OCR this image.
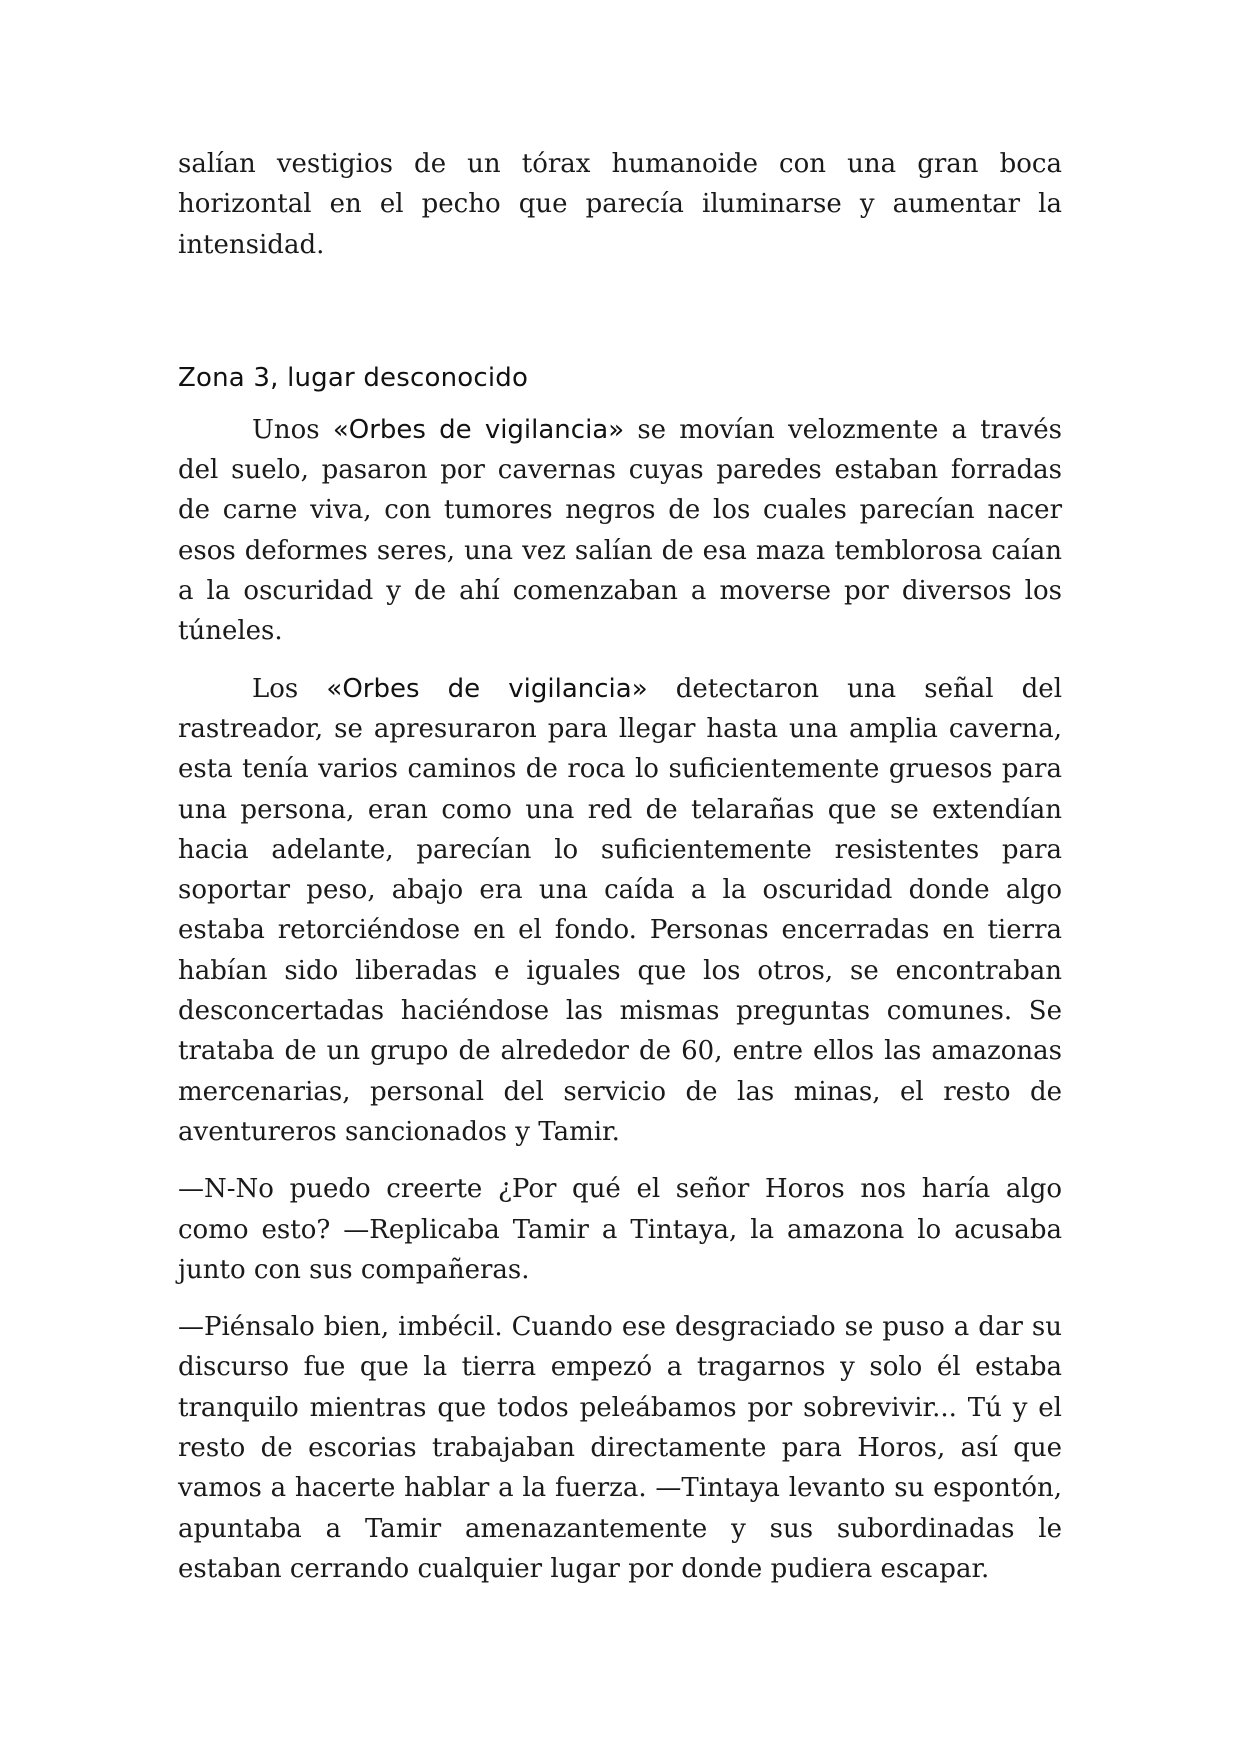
salían vestigios de un tórax humanoide con una gran boca horizontal en el pecho que parecía iluminarse y aumentar la intensidad.

Zona 3, lugar desconocido

Unos «Orbes de vigilancia» se movían velozmente a través del suelo, pasaron por cavernas cuyas paredes estaban forradas de carne viva, con tumores negros de los cuales parecían nacer esos deformes seres, una vez salían de esa maza temblorosa caían a la oscuridad y de ahí comenzaban a moverse por diversos los túneles.

Los «Orbes de vigilancia» detectaron una señal del rastreador, se apresuraron para llegar hasta una amplia caverna, esta tenía varios caminos de roca lo suficientemente gruesos para una persona, eran como una red de telarañas que se extendían hacia adelante, parecían lo suficientemente resistentes para soportar peso, abajo era una caída a la oscuridad donde algo estaba retorciéndose en el fondo. Personas encerradas en tierra habían sido liberadas e iguales que los otros, se encontraban desconcertadas haciéndose las mismas preguntas comunes. Se trataba de un grupo de alrededor de 60, entre ellos las amazonas mercenarias, personal del servicio de las minas, el resto de aventureros sancionados y Tamir.

—N-No puedo creerte ¿Por qué el señor Horos nos haría algo como esto? —Replicaba Tamir a Tintaya, la amazona lo acusaba junto con sus compañeras.

—Piénsalo bien, imbécil. Cuando ese desgraciado se puso a dar su discurso fue que la tierra empezó a tragarnos y solo él estaba tranquilo mientras que todos peleábamos por sobrevivir... Tú y el resto de escorias trabajaban directamente para Horos, así que vamos a hacerte hablar a la fuerza. —Tintaya levanto su espontón, apuntaba a Tamir amenazantemente y sus subordinadas le estaban cerrando cualquier lugar por donde pudiera escapar.
